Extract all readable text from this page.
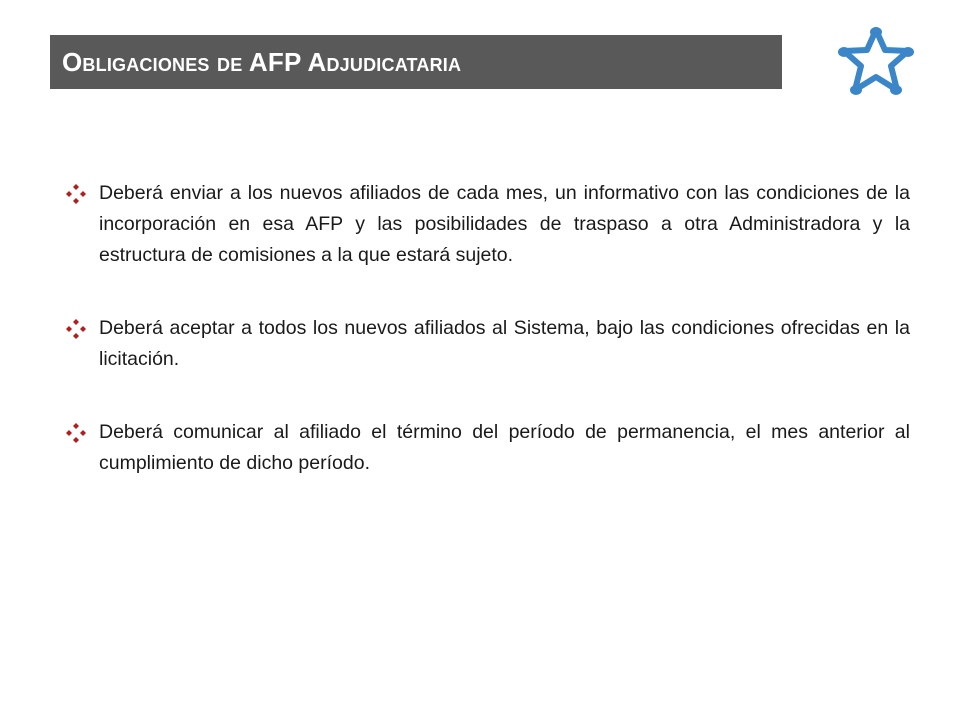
Obligaciones de AFP Adjudicataria
Deberá enviar a los nuevos afiliados de cada mes, un informativo con las condiciones de la incorporación en esa AFP y las posibilidades de traspaso a otra Administradora y la estructura de comisiones a la que estará sujeto.
Deberá aceptar a todos los nuevos afiliados al Sistema, bajo las condiciones ofrecidas en la licitación.
Deberá comunicar al afiliado el término del período de permanencia, el mes anterior al cumplimiento de dicho período.
